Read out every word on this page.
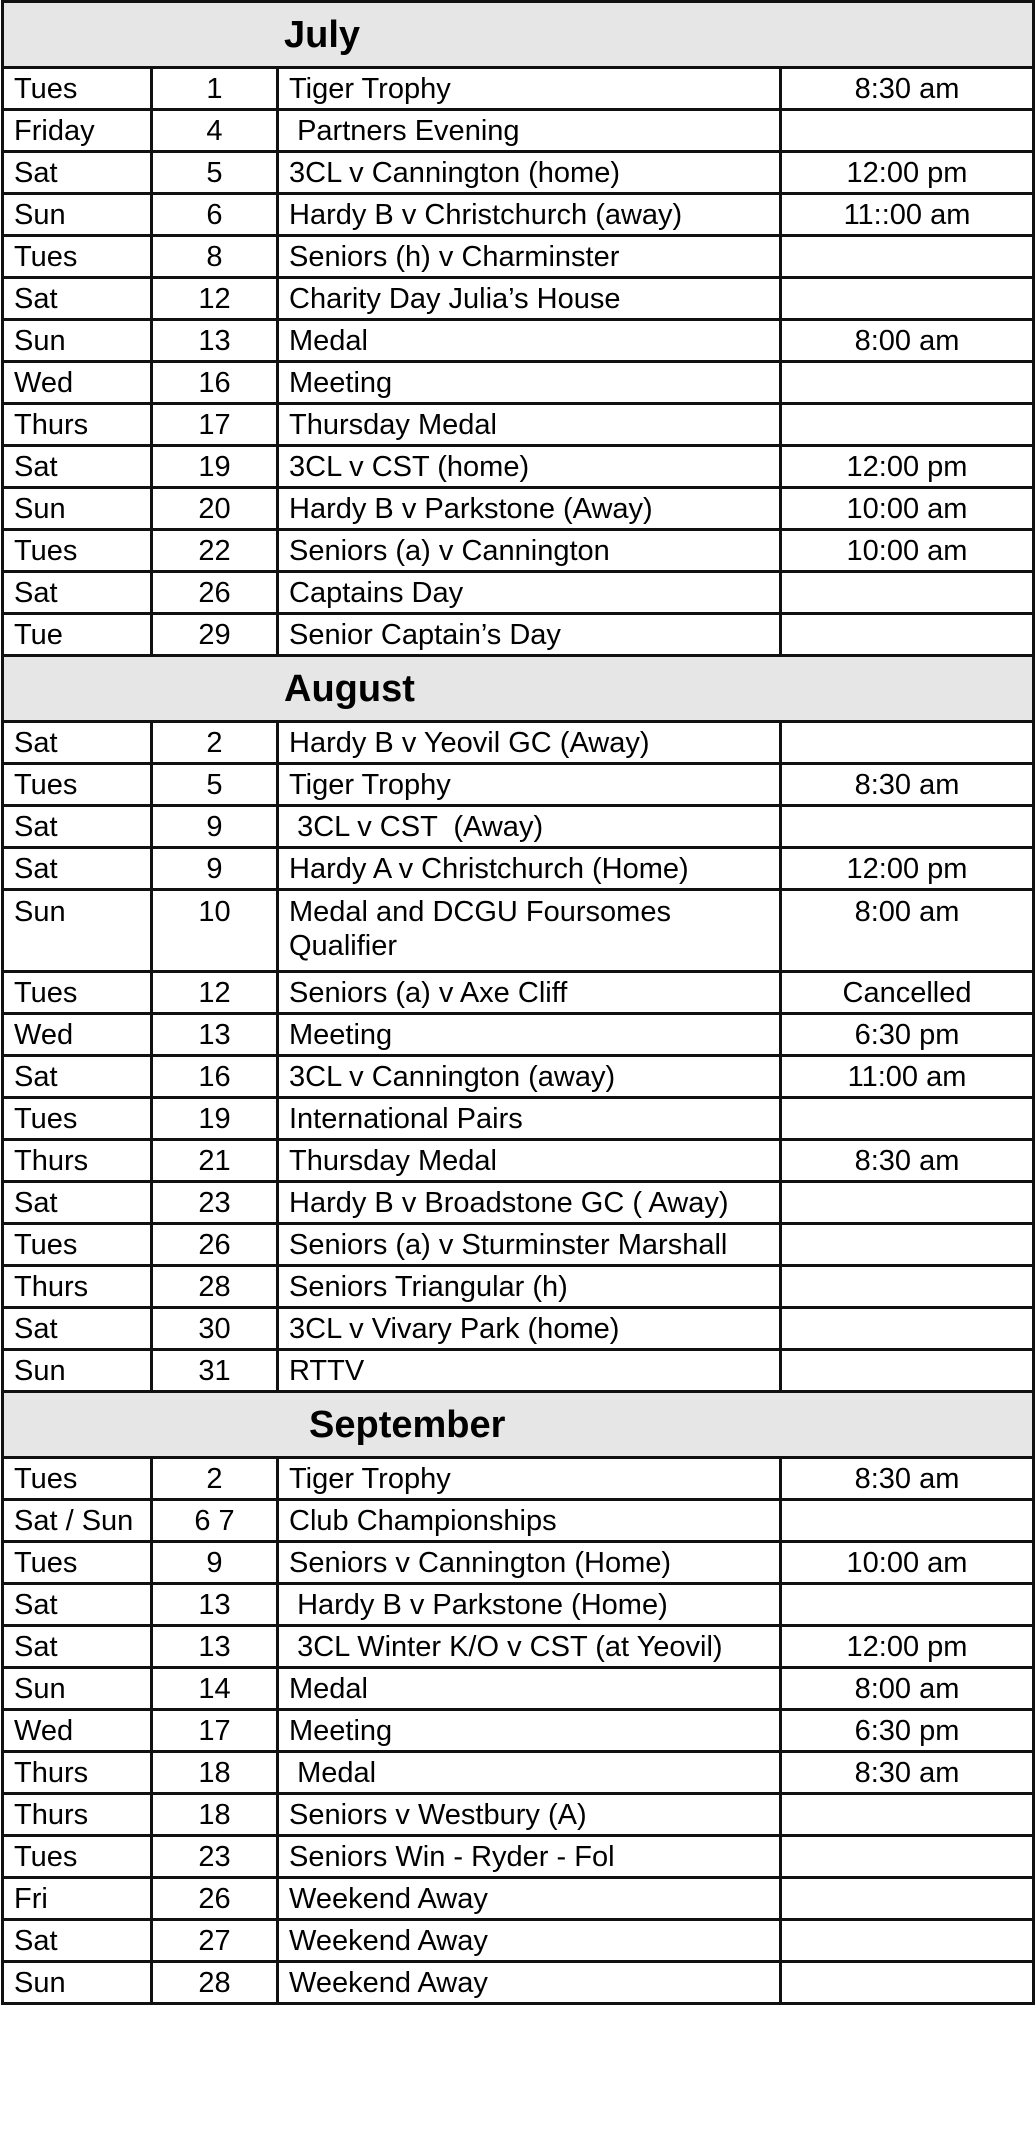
July			
Tues	1	Tiger Trophy	8:30 am
Friday	4	Partners Evening	
Sat	5	3CL v Cannington (home)	12:00 pm
Sun	6	Hardy B v Christchurch (away)	11::00 am
Tues	8	Seniors (h) v Charminster	
Sat	12	Charity Day Julia’s House	
Sun	13	Medal	8:00 am
Wed	16	Meeting	
Thurs	17	Thursday Medal	
Sat	19	3CL v CST (home)	12:00 pm
Sun	20	Hardy B v Parkstone (Away)	10:00 am
Tues	22	Seniors (a) v Cannington	10:00 am
Sat	26	Captains Day	
Tue	29	Senior Captain’s Day	
August			
Sat	2	Hardy B v Yeovil GC (Away)	
Tues	5	Tiger Trophy	8:30 am
Sat	9	3CL v CST  (Away)	
Sat	9	Hardy A v Christchurch (Home)	12:00 pm
Sun	10	Medal and DCGU Foursomes Qualifier	8:00 am
Tues	12	Seniors (a) v Axe Cliff	Cancelled
Wed	13	Meeting	6:30 pm
Sat	16	3CL v Cannington (away)	11:00 am
Tues	19	International Pairs	
Thurs	21	Thursday Medal	8:30 am
Sat	23	Hardy B v Broadstone GC ( Away)	
Tues	26	Seniors (a) v Sturminster Marshall	
Thurs	28	Seniors Triangular (h)	
Sat	30	3CL v Vivary Park (home)	
Sun	31	RTTV	
September			
Tues	2	Tiger Trophy	8:30 am
Sat / Sun	6 7	Club Championships	
Tues	9	Seniors v Cannington (Home)	10:00 am
Sat	13	Hardy B v Parkstone (Home)	
Sat	13	3CL Winter K/O v CST (at Yeovil)	12:00 pm
Sun	14	Medal	8:00 am
Wed	17	Meeting	6:30 pm
Thurs	18	Medal	8:30 am
Thurs	18	Seniors v Westbury (A)	
Tues	23	Seniors Win - Ryder - Fol	
Fri	26	Weekend Away	
Sat	27	Weekend Away	
Sun	28	Weekend Away	
